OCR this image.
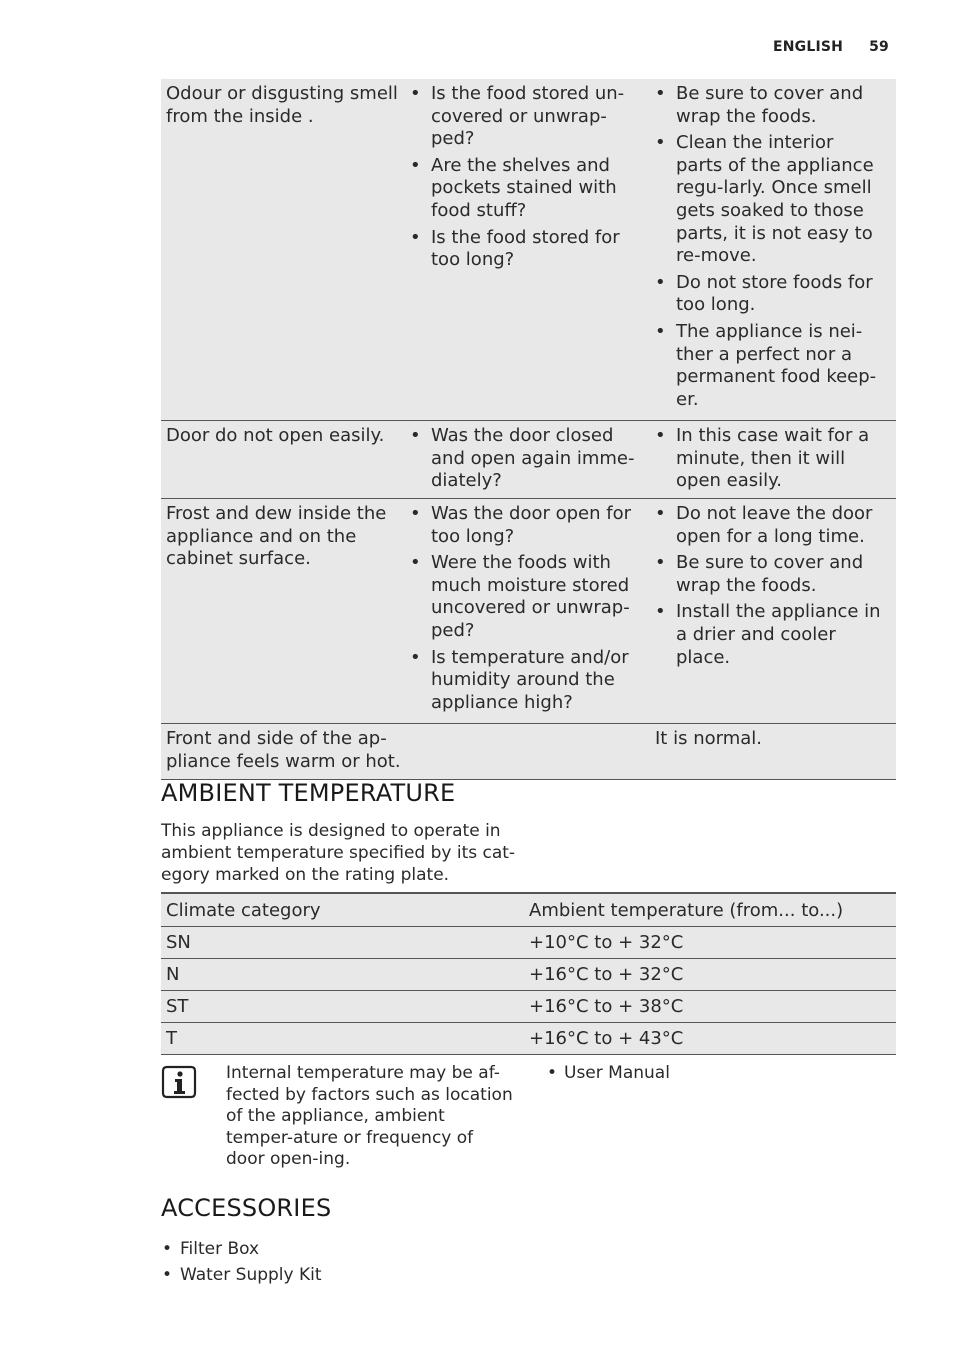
ENGLISH 59
Odour or disgusting smell from the inside .
• Is the food stored un-covered or unwrap-ped?
• Are the shelves and pockets stained with food stuff?
• Is the food stored for too long?
• Be sure to cover and wrap the foods.
• Clean the interior parts of the appliance regu-larly. Once smell gets soaked to those parts, it is not easy to re-move.
• Do not store foods for too long.
• The appliance is nei-ther a perfect nor a permanent food keep-er.
Door do not open easily.
•	Was the door closed and open again imme-diately?
• In this case wait for a minute, then it will open easily.
Frost and dew inside the appliance and on the cabinet surface.
• Was the door open for too long?
• Were the foods with much moisture stored uncovered or unwrap-ped?
• Is temperature and/or humidity around the appliance high?
• Do not leave the door open for a long time.
• Be sure to cover and wrap the foods.
• Install the appliance in a drier and cooler place.
Front and side of the ap-pliance feels warm or hot.
It is normal.
AMBIENT TEMPERATURE
This appliance is designed to operate in ambient temperature specified by its cat-egory marked on the rating plate.
Climate category	Ambient temperature (from... to...)
SN	+10°C to + 32°C
N	+16°C to + 32°C
ST	+16°C to + 38°C
T	+16°C to + 43°C
Internal temperature may be af-fected by factors such as location of the appliance, ambient temper-ature or frequency of door open-ing.
• User Manual
ACCESSORIES
• Filter Box
• Water Supply Kit
